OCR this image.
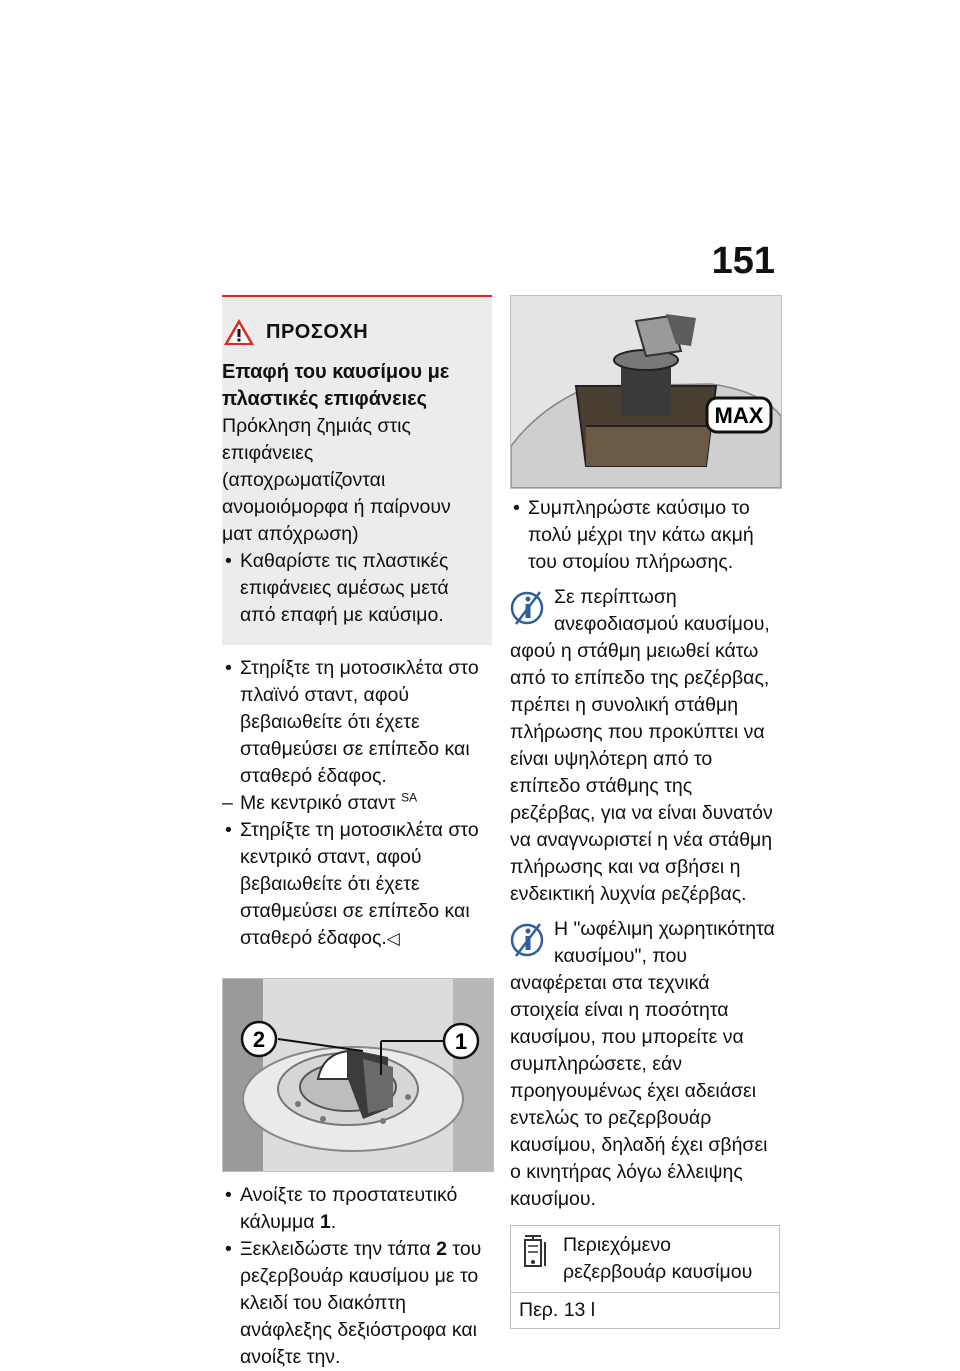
151
ΠΡΟΣΟΧΗ

Επαφή του καυσίμου με πλαστικές επιφάνειες

Πρόκληση ζημιάς στις επιφάνειες (αποχρωματίζονται ανομοιόμορφα ή παίρνουν ματ απόχρωση)

• Καθαρίστε τις πλαστικές επιφάνειες αμέσως μετά από επαφή με καύσιμο.

• Στηρίξτε τη μοτοσικλέτα στο πλαϊνό σταντ, αφού βεβαιωθείτε ότι έχετε σταθμεύσει σε επίπεδο και σταθερό έδαφος.

– Με κεντρικό σταντ $^{SA}$

• Στηρίξτε τη μοτοσικλέτα στο κεντρικό σταντ, αφού βεβαιωθείτε ότι έχετε σταθμεύσει σε επίπεδο και σταθερό έδαφος.◁

2	1

• Ανοίξτε το προστατευτικό κάλυμμα 1.

• Ξεκλειδώστε την τάπα 2 του ρεζερβουάρ καυσίμου με το κλειδί του διακόπτη ανάφλεξης δεξιόστροφα και ανοίξτε την.

MAX

• Συμπληρώστε καύσιμο το πολύ μέχρι την κάτω ακμή του στομίου πλήρωσης.

Σε περίπτωση ανεφοδιασμού καυσίμου, αφού η στάθμη μειωθεί κάτω από το επίπεδο της ρεζέρβας, πρέπει η συνολική στάθμη πλήρωσης που προκύπτει να είναι υψηλότερη από το επίπεδο στάθμης της ρεζέρβας, για να είναι δυνατόν να αναγνωριστεί η νέα στάθμη πλήρωσης και να σβήσει η ενδεικτική λυχνία ρεζέρβας.

Η "ωφέλιμη χωρητικότητα καυσίμου", που αναφέρεται στα τεχνικά στοιχεία είναι η ποσότητα καυσίμου, που μπορείτε να συμπληρώσετε, εάν προηγουμένως έχει αδειάσει εντελώς το ρεζερβουάρ καυσίμου, δηλαδή έχει σβήσει ο κινητήρας λόγω έλλειψης καυσίμου.

Περιεχόμενο ρεζερβουάρ καυσίμου
Περ. 13 l
